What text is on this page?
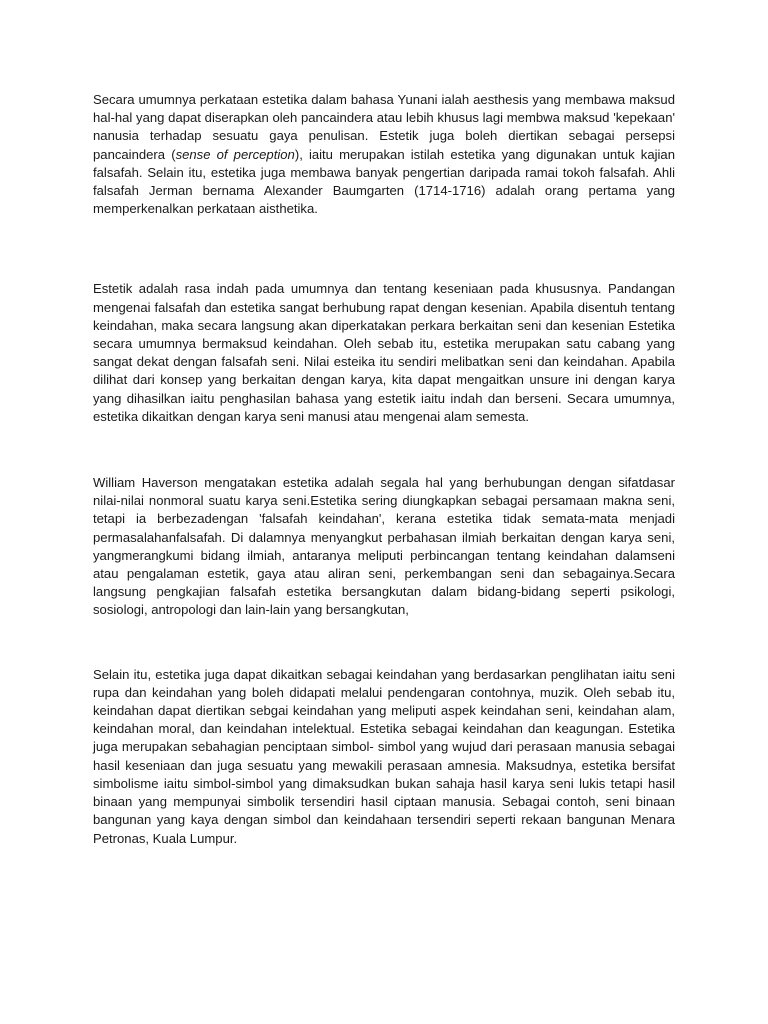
Secara umumnya perkataan estetika dalam bahasa Yunani ialah aesthesis yang membawa maksud hal-hal yang dapat diserapkan oleh pancaindera atau lebih khusus lagi membwa maksud 'kepekaan' nanusia terhadap sesuatu gaya penulisan. Estetik juga boleh diertikan sebagai persepsi pancaindera (sense of perception), iaitu merupakan istilah estetika yang digunakan untuk kajian falsafah. Selain itu, estetika juga membawa banyak pengertian daripada ramai tokoh falsafah. Ahli falsafah Jerman bernama Alexander Baumgarten (1714-1716) adalah orang pertama yang memperkenalkan perkataan aisthetika.

Estetik adalah rasa indah pada umumnya dan tentang keseniaan pada khususnya. Pandangan mengenai falsafah dan estetika sangat berhubung rapat dengan kesenian. Apabila disentuh tentang keindahan, maka secara langsung akan diperkatakan perkara berkaitan seni dan kesenian Estetika secara umumnya bermaksud keindahan. Oleh sebab itu, estetika merupakan satu cabang yang sangat dekat dengan falsafah seni. Nilai esteika itu sendiri melibatkan seni dan keindahan. Apabila dilihat dari konsep yang berkaitan dengan karya, kita dapat mengaitkan unsure ini dengan karya yang dihasilkan iaitu penghasilan bahasa yang estetik iaitu indah dan berseni. Secara umumnya, estetika dikaitkan dengan karya seni manusi atau mengenai alam semesta.

William Haverson mengatakan estetika adalah segala hal yang berhubungan dengan sifatdasar nilai-nilai nonmoral suatu karya seni.Estetika sering diungkapkan sebagai persamaan makna seni, tetapi ia berbezadengan 'falsafah keindahan', kerana estetika tidak semata-mata menjadi permasalahanfalsafah. Di dalamnya menyangkut perbahasan ilmiah berkaitan dengan karya seni, yangmerangkumi bidang ilmiah, antaranya meliputi perbincangan tentang keindahan dalamseni atau pengalaman estetik, gaya atau aliran seni, perkembangan seni dan sebagainya.Secara langsung pengkajian falsafah estetika bersangkutan dalam bidang-bidang seperti psikologi, sosiologi, antropologi dan lain-lain yang bersangkutan,

Selain itu, estetika juga dapat dikaitkan sebagai keindahan yang berdasarkan penglihatan iaitu seni rupa dan keindahan yang boleh didapati melalui pendengaran contohnya, muzik. Oleh sebab itu, keindahan dapat diertikan sebgai keindahan yang meliputi aspek keindahan seni, keindahan alam, keindahan moral, dan keindahan intelektual. Estetika sebagai keindahan dan keagungan. Estetika juga merupakan sebahagian penciptaan simbol- simbol yang wujud dari perasaan manusia sebagai hasil keseniaan dan juga sesuatu yang mewakili perasaan amnesia. Maksudnya, estetika bersifat simbolisme iaitu simbol-simbol yang dimaksudkan bukan sahaja hasil karya seni lukis tetapi hasil binaan yang mempunyai simbolik tersendiri hasil ciptaan manusia. Sebagai contoh, seni binaan bangunan yang kaya dengan simbol dan keindahaan tersendiri seperti rekaan bangunan Menara Petronas, Kuala Lumpur.
